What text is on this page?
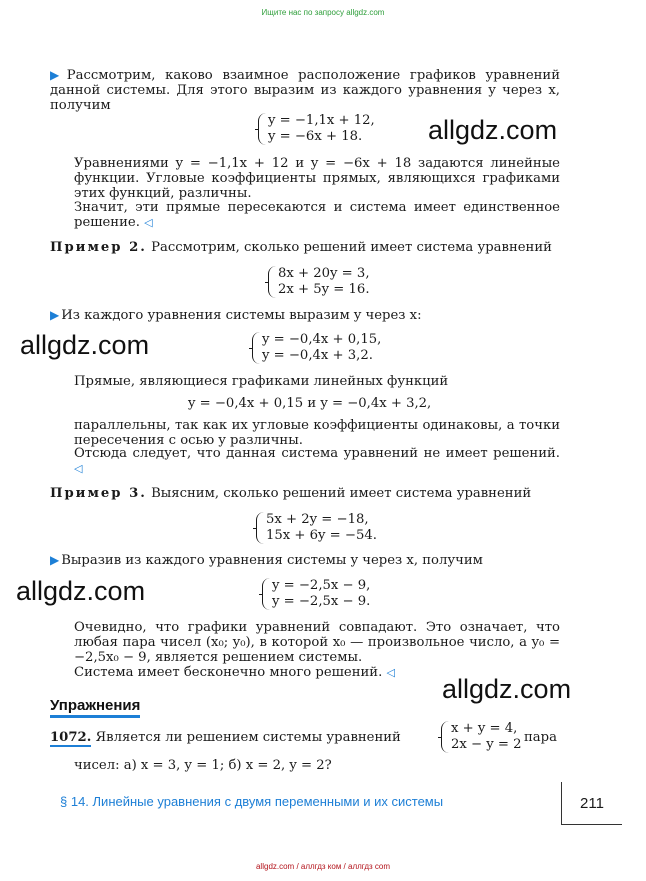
Ищите нас по запросу allgdz.com
▶ Рассмотрим, каково взаимное расположение графиков уравнений данной системы. Для этого выразим из каждого уравнения y через x, получим
y = −1,1x + 12,
y = −6x + 18.	allgdz.com
Уравнениями y = −1,1x + 12 и y = −6x + 18 задаются линейные функции. Угловые коэффициенты прямых, являющихся графиками этих функций, различны.
Значит, эти прямые пересекаются и система имеет единственное решение. ◁
Пример 2. Рассмотрим, сколько решений имеет система уравнений
8x + 20y = 3,
2x + 5y = 16.
▶ Из каждого уравнения системы выразим y через x:
allgdz.com	y = −0,4x + 0,15,
y = −0,4x + 3,2.
Прямые, являющиеся графиками линейных функций
y = −0,4x + 0,15 и y = −0,4x + 3,2,
параллельны, так как их угловые коэффициенты одинаковы, а точки пересечения с осью y различны.
Отсюда следует, что данная система уравнений не имеет решений. ◁
Пример 3. Выясним, сколько решений имеет система уравнений
5x + 2y = −18,
15x + 6y = −54.
▶ Выразив из каждого уравнения системы y через x, получим
allgdz.com	y = −2,5x − 9,
y = −2,5x − 9.
Очевидно, что графики уравнений совпадают. Это означает, что любая пара чисел (x₀; y₀), в которой x₀ — произвольное число, а y₀ = −2,5x₀ − 9, является решением системы.
Система имеет бесконечно много решений. ◁
allgdz.com
Упражнения
1072. Является ли решением системы уравнений
x + y = 4,
2x − y = 2 пара
чисел: а) x = 3, y = 1; б) x = 2, y = 2?
§ 14. Линейные уравнения с двумя переменными и их системы	211
allgdz.com / аллгдз ком / аллгдз com
